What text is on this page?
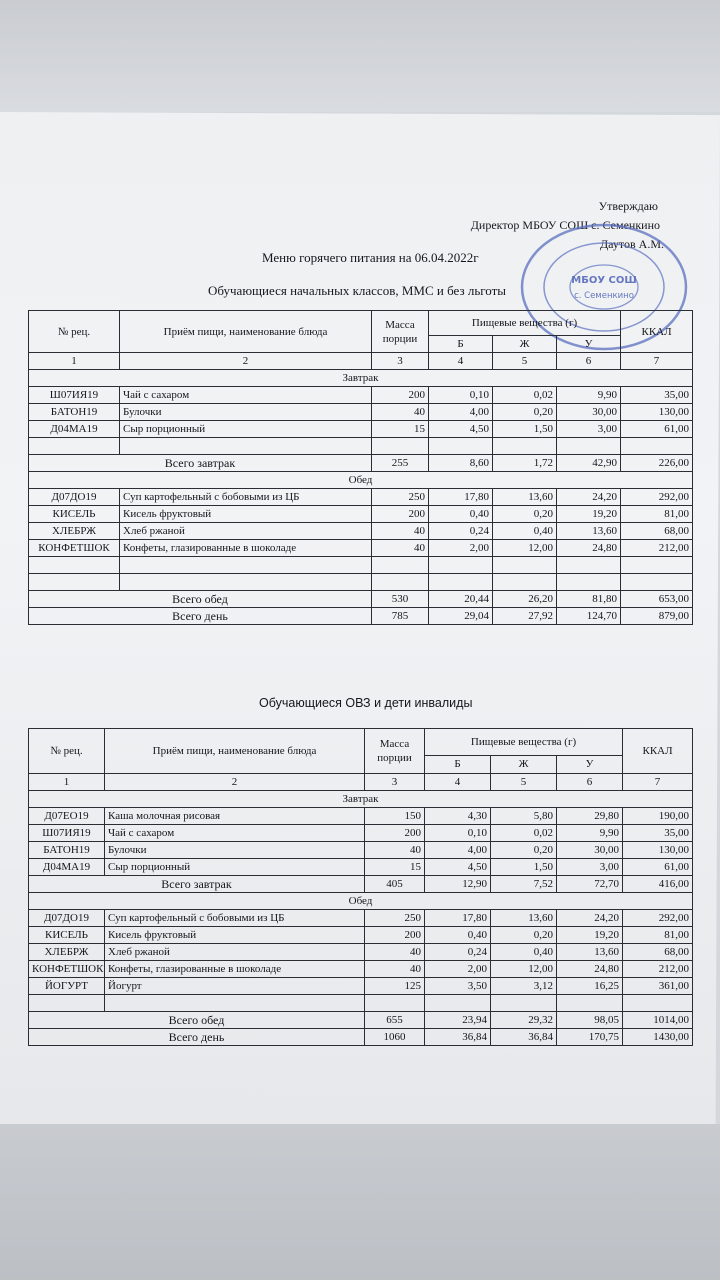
Утверждаю
Директор МБОУ СОШ с. Семенкино
Даутов А.М.
Меню горячего питания на 06.04.2022г
Обучающиеся начальных классов, ММС и без льготы
МБОУ СОШ
с. Семенкино
№ рец.	Приём пищи, наименование блюда	Масса порции	Пищевые вещества (г)			ККАЛ
			Б	Ж	У	
1	2	3	4	5	6	7
Завтрак						
Ш07ИЯ19	Чай с сахаром	200	0,10	0,02	9,90	35,00
БАТОН19	Булочки	40	4,00	0,20	30,00	130,00
Д04МА19	Сыр порционный	15	4,50	1,50	3,00	61,00

Всего завтрак		255	8,60	1,72	42,90	226,00
Обед						
Д07ДО19	Суп картофельный с бобовыми из ЦБ	250	17,80	13,60	24,20	292,00
КИСЕЛЬ	Кисель фруктовый	200	0,40	0,20	19,20	81,00
ХЛЕБРЖ	Хлеб ржаной	40	0,24	0,40	13,60	68,00
КОНФЕТШОК	Конфеты, глазированные в шоколаде	40	2,00	12,00	24,80	212,00

Всего обед		530	20,44	26,20	81,80	653,00
Всего день		785	29,04	27,92	124,70	879,00
Обучающиеся ОВЗ и дети инвалиды
№ рец.	Приём пищи, наименование блюда	Масса порции	Пищевые вещества (г)			ККАЛ
			Б	Ж	У	
1	2	3	4	5	6	7
Завтрак						
Д07ЕО19	Каша молочная рисовая	150	4,30	5,80	29,80	190,00
Ш07ИЯ19	Чай с сахаром	200	0,10	0,02	9,90	35,00
БАТОН19	Булочки	40	4,00	0,20	30,00	130,00
Д04МА19	Сыр порционный	15	4,50	1,50	3,00	61,00
Всего завтрак		405	12,90	7,52	72,70	416,00
Обед						
Д07ДО19	Суп картофельный с бобовыми из ЦБ	250	17,80	13,60	24,20	292,00
КИСЕЛЬ	Кисель фруктовый	200	0,40	0,20	19,20	81,00
ХЛЕБРЖ	Хлеб ржаной	40	0,24	0,40	13,60	68,00
КОНФЕТШОК	Конфеты, глазированные в шоколаде	40	2,00	12,00	24,80	212,00
ЙОГУРТ	Йогурт	125	3,50	3,12	16,25	361,00

Всего обед		655	23,94	29,32	98,05	1014,00
Всего день		1060	36,84	36,84	170,75	1430,00
